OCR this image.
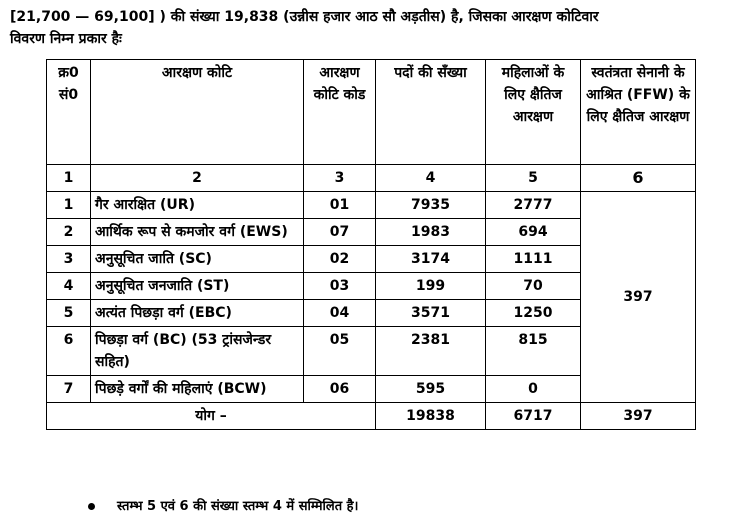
[21,700 — 69,100] ) की संख्या 19,838 (उन्नीस हजार आठ सौ अड़तीस) है, जिसका आरक्षण कोटिवार

विवरण निम्न प्रकार हैः

क्र0 सं0	आरक्षण कोटि	आरक्षण कोटि कोड	पदों की सँख्या	महिलाओं के लिए क्षैतिज आरक्षण	स्वतंत्रता सेनानी के आश्रित (FFW) के लिए क्षैतिज आरक्षण
1	2	3	4	5	6
1	गैर आरक्षित (UR)	01	7935	2777	397
2	आर्थिक रूप से कमजोर वर्ग (EWS)	07	1983	694	
3	अनुसूचित जाति (SC)	02	3174	1111	
4	अनुसूचित जनजाति (ST)	03	199	70	
5	अत्यंत पिछड़ा वर्ग (EBC)	04	3571	1250	
6	पिछड़ा वर्ग (BC) (53 ट्रांसजेन्डर सहित)	05	2381	815	
7	पिछड़े वर्गों की महिलाएं (BCW)	06	595	0	
योग –			19838	6717	397
स्तम्भ 5 एवं 6 की संख्या स्तम्भ 4 में सम्मिलित है।
